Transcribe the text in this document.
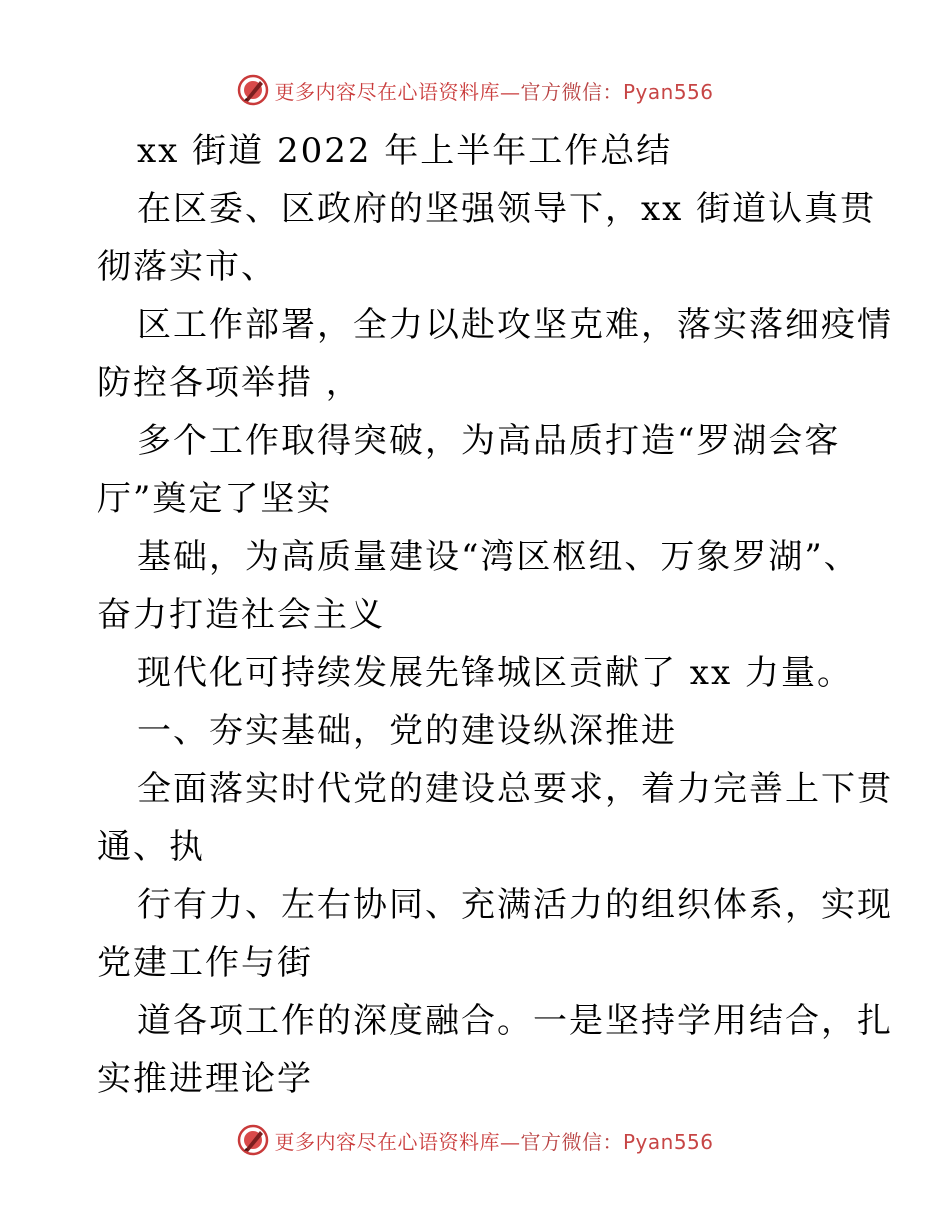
更多内容尽在心语资料库—官方微信：Pyan556
xx 街道 2022 年上半年工作总结
在区委、区政府的坚强领导下，xx 街道认真贯
彻落实市、
区工作部署，全力以赴攻坚克难，落实落细疫情
防控各项举措 ，
多个工作取得突破，为高品质打造“罗湖会客
厅”奠定了坚实
基础，为高质量建设“湾区枢纽、万象罗湖”、
奋力打造社会主义
现代化可持续发展先锋城区贡献了 xx 力量。
一、夯实基础，党的建设纵深推进
全面落实时代党的建设总要求，着力完善上下贯
通、执
行有力、左右协同、充满活力的组织体系，实现
党建工作与街
道各项工作的深度融合。一是坚持学用结合，扎
实推进理论学
更多内容尽在心语资料库—官方微信：Pyan556
